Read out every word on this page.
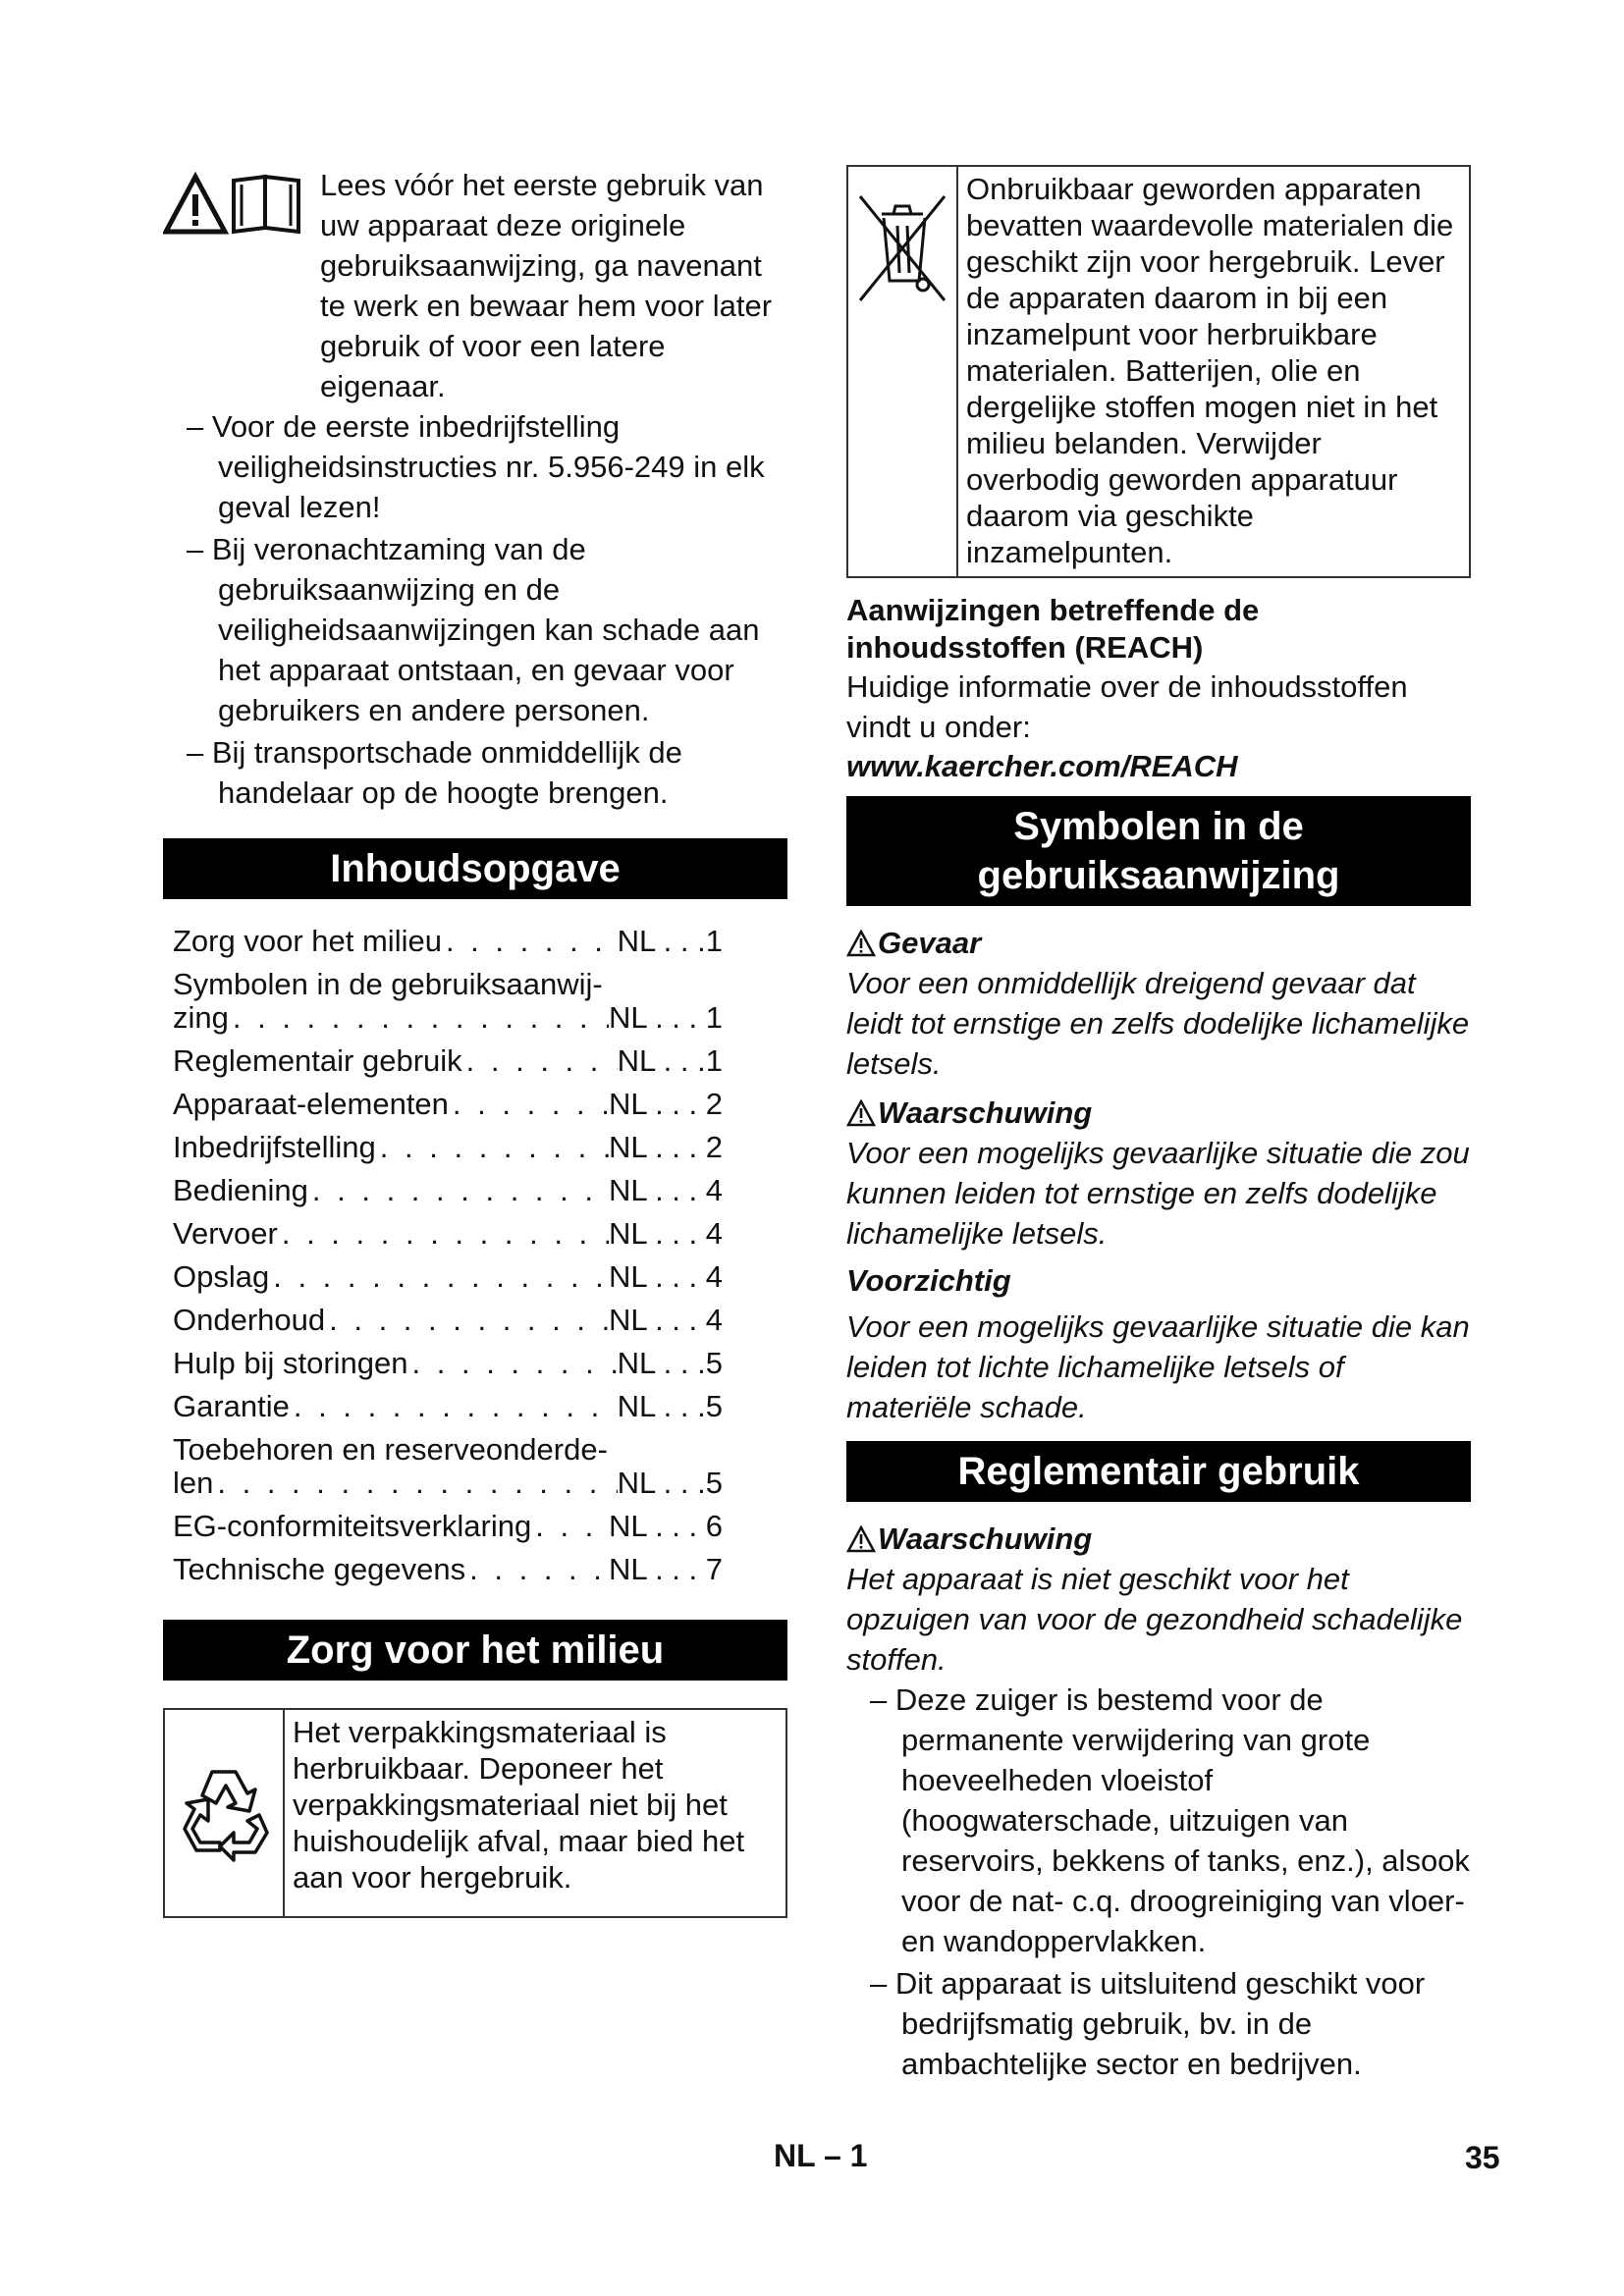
Lees vóór het eerste gebruik van uw apparaat deze originele gebruiksaanwijzing, ga navenant te werk en bewaar hem voor later gebruik of voor een latere eigenaar.

– Voor de eerste inbedrijfstelling veiligheidsinstructies nr. 5.956-249 in elk geval lezen!
– Bij veronachtzaming van de gebruiksaanwijzing en de veiligheidsaanwijzingen kan schade aan het apparaat ontstaan, en gevaar voor gebruikers en andere personen.
– Bij transportschade onmiddellijk de handelaar op de hoogte brengen.
Inhoudsopgave
Zorg voor het milieu . . .	NL . . .1
Symbolen in de gebruiksaanwij-
zing . . .	NL . . . 1
Reglementair gebruik . . .	NL . . .1
Apparaat-elementen . . .	NL . . . 2
Inbedrijfstelling . . .	NL . . . 2
Bediening . . .	NL . . . 4
Vervoer . . .	NL . . . 4
Opslag . . .	NL . . . 4
Onderhoud . . .	NL . . . 4
Hulp bij storingen . . .	NL . . .5
Garantie . . .	NL . . .5
Toebehoren en reserveonderde-
len . . .	NL . . .5
EG-conformiteitsverklaring . . .	NL . . . 6
Technische gegevens . . .	NL . . . 7
Zorg voor het milieu
Het verpakkingsmateriaal is herbruikbaar. Deponeer het verpakkingsmateriaal niet bij het huishoudelijk afval, maar bied het aan voor hergebruik.
Onbruikbaar geworden apparaten bevatten waardevolle materialen die geschikt zijn voor hergebruik. Lever de apparaten daarom in bij een inzamelpunt voor herbruikbare materialen. Batterijen, olie en dergelijke stoffen mogen niet in het milieu belanden. Verwijder overbodig geworden apparatuur daarom via geschikte inzamelpunten.

Aanwijzingen betreffende de inhoudsstoffen (REACH)

Huidige informatie over de inhoudsstoffen vindt u onder:

www.kaercher.com/REACH

Symbolen in de
gebruiksaanwijzing

Gevaar

Voor een onmiddellijk dreigend gevaar dat leidt tot ernstige en zelfs dodelijke lichamelijke letsels.

Waarschuwing

Voor een mogelijks gevaarlijke situatie die zou kunnen leiden tot ernstige en zelfs dodelijke lichamelijke letsels.

Voorzichtig

Voor een mogelijks gevaarlijke situatie die kan leiden tot lichte lichamelijke letsels of materiële schade.

Reglementair gebruik

Waarschuwing

Het apparaat is niet geschikt voor het opzuigen van voor de gezondheid schadelijke stoffen.

– Deze zuiger is bestemd voor de permanente verwijdering van grote hoeveelheden vloeistof (hoogwaterschade, uitzuigen van reservoirs, bekkens of tanks, enz.), alsook voor de nat- c.q. droogreiniging van vloer- en wandoppervlakken.
– Dit apparaat is uitsluitend geschikt voor bedrijfsmatig gebruik, bv. in de ambachtelijke sector en bedrijven.
NL – 1	35
